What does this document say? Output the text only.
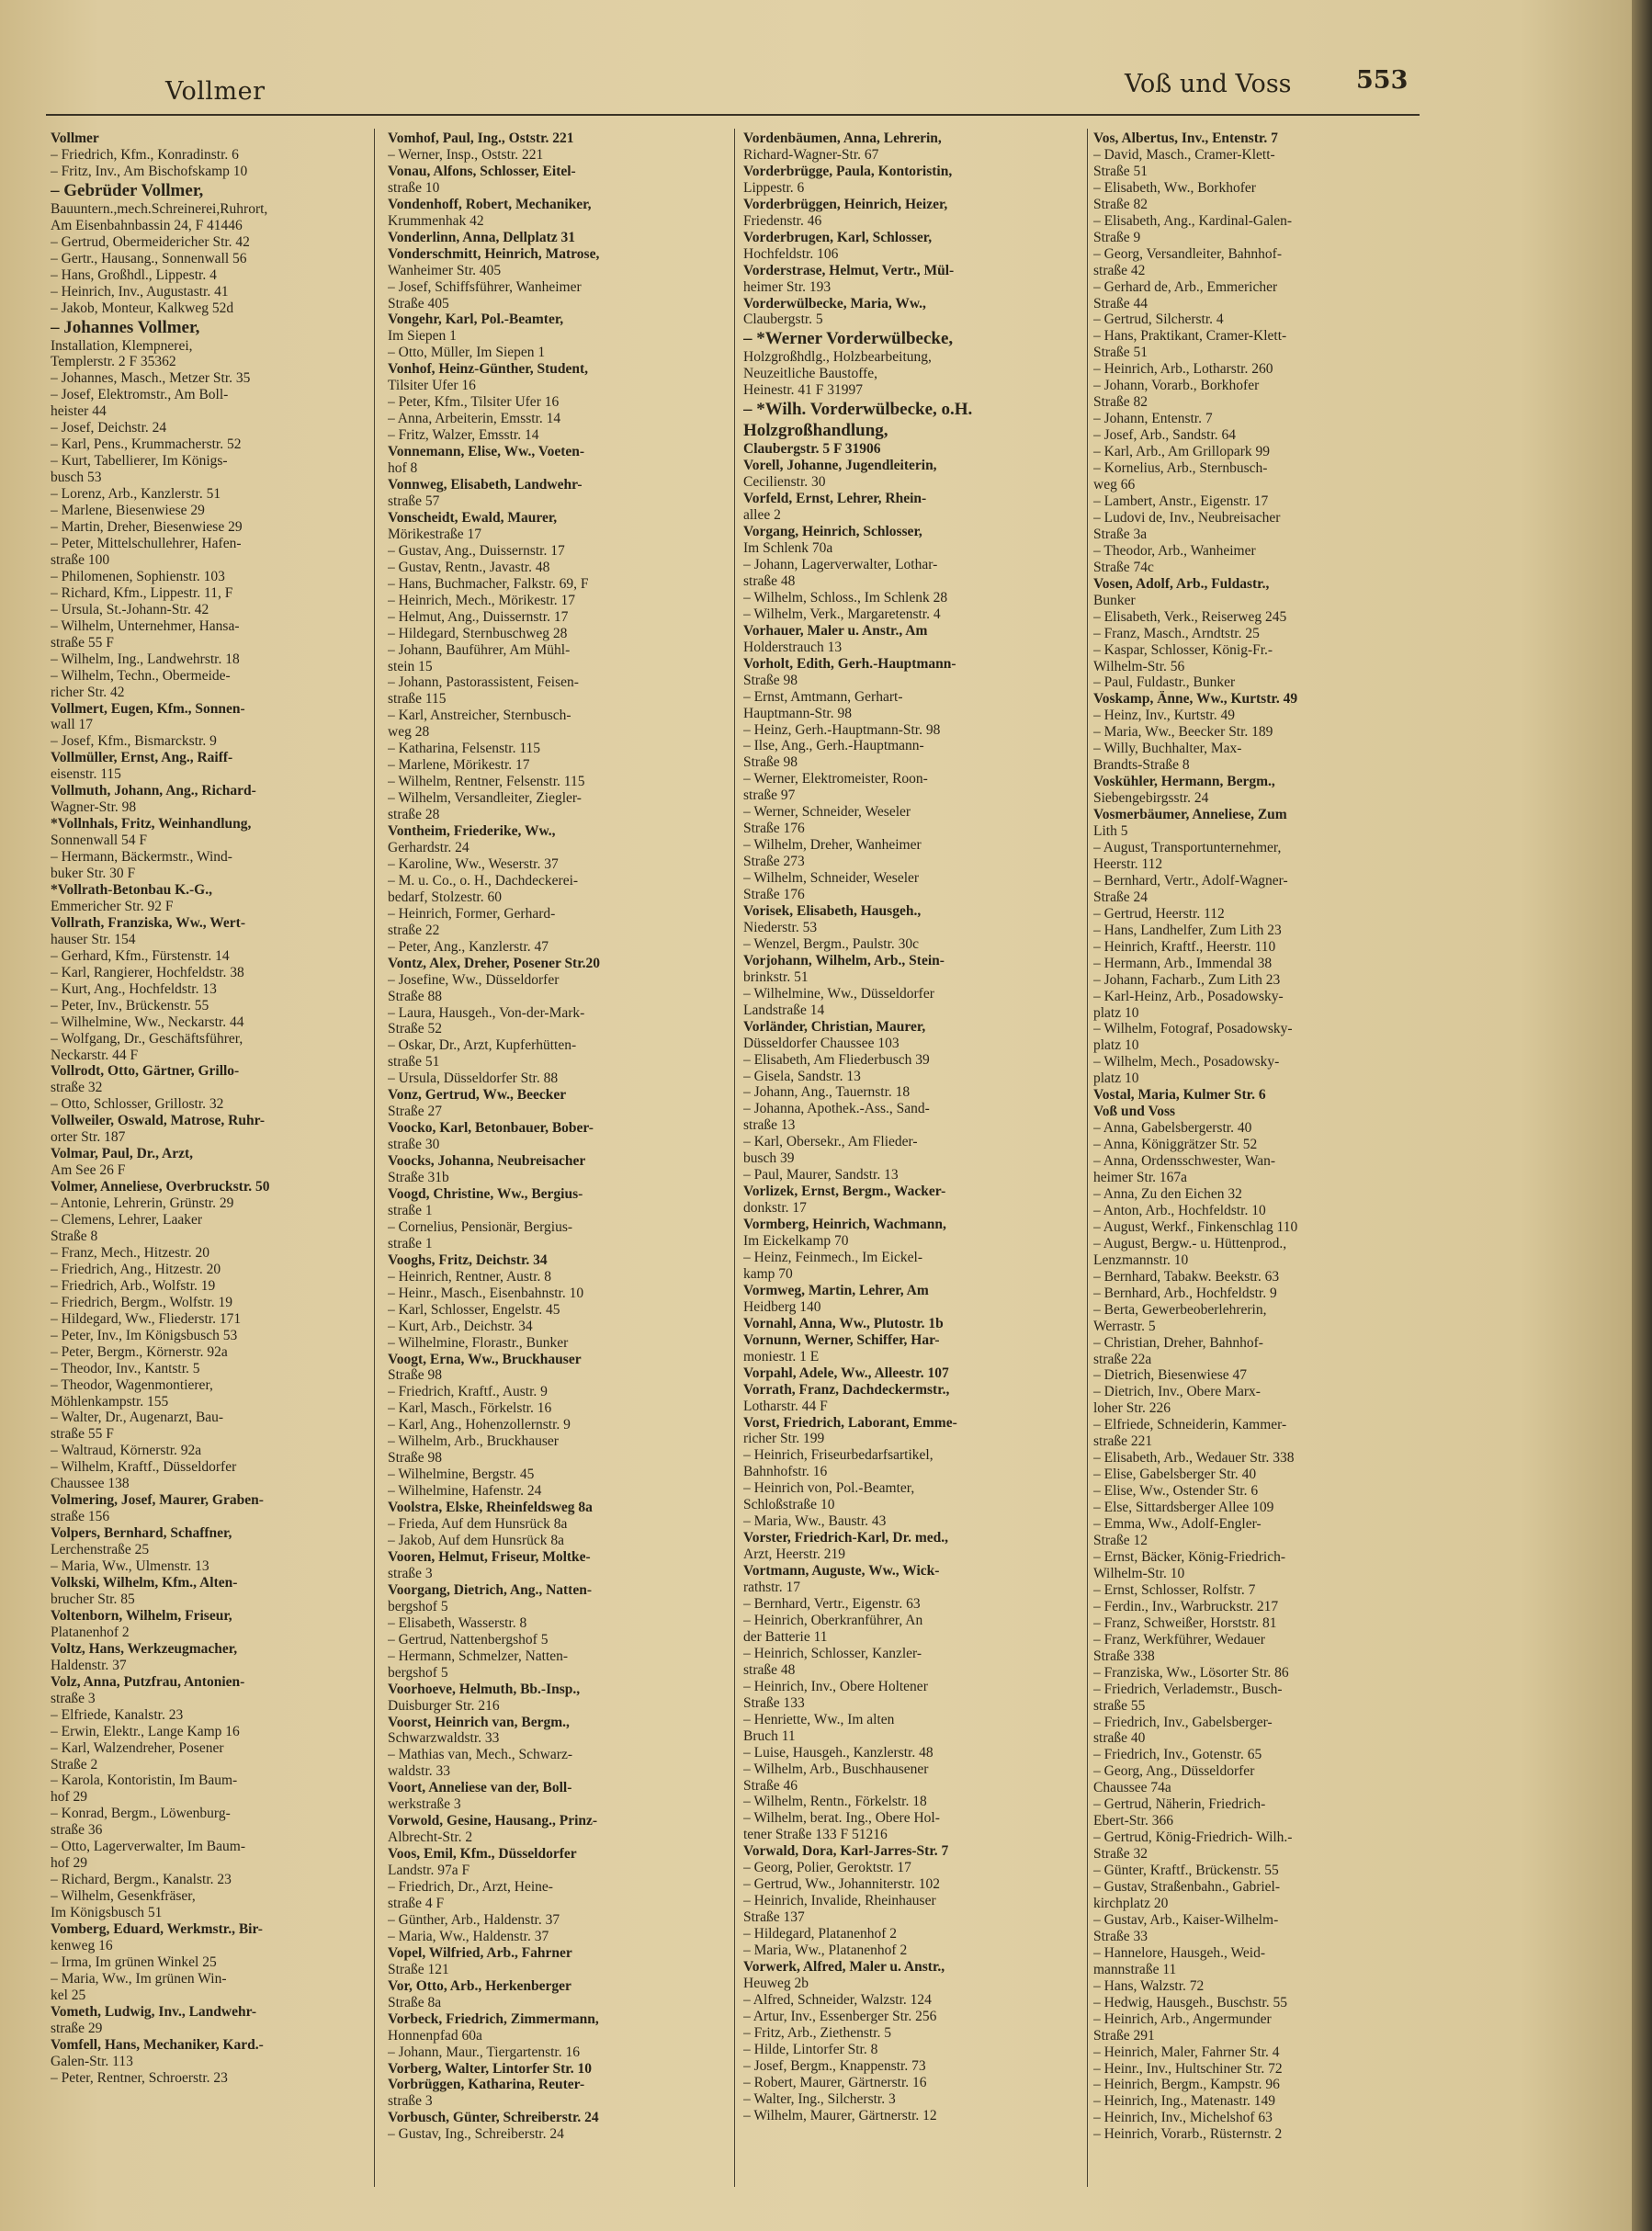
Vollmer	Voß und Voss	553
Vollmer
– Friedrich, Kfm., Konradinstr. 6
– Fritz, Inv., Am Bischofskamp 10
– Gebrüder Vollmer,
Bauuntern.,mech.Schreinerei,Ruhrort,
Am Eisenbahnbassin 24, F 41446
– Gertrud, Obermeidericher Str. 42
– Gertr., Hausang., Sonnenwall 56
– Hans, Großhdl., Lippestr. 4
– Heinrich, Inv., Augustastr. 41
– Jakob, Monteur, Kalkweg 52d
– Johannes Vollmer,
Installation, Klempnerei,
Templerstr. 2 F 35362
– Johannes, Masch., Metzer Str. 35
– Josef, Elektromstr., Am Boll-
heister 44
– Josef, Deichstr. 24
– Karl, Pens., Krummacherstr. 52
– Kurt, Tabellierer, Im Königs-
busch 53
– Lorenz, Arb., Kanzlerstr. 51
– Marlene, Biesenwiese 29
– Martin, Dreher, Biesenwiese 29
– Peter, Mittelschullehrer, Hafen-
straße 100
– Philomenen, Sophienstr. 103
– Richard, Kfm., Lippestr. 11, F
– Ursula, St.-Johann-Str. 42
– Wilhelm, Unternehmer, Hansa-
straße 55 F
– Wilhelm, Ing., Landwehrstr. 18
– Wilhelm, Techn., Obermeide-
richer Str. 42
Vollmert, Eugen, Kfm., Sonnen-
wall 17
– Josef, Kfm., Bismarckstr. 9
Vollmüller, Ernst, Ang., Raiff-
eisenstr. 115
Vollmuth, Johann, Ang., Richard-
Wagner-Str. 98
*Vollnhals, Fritz, Weinhandlung,
Sonnenwall 54 F
– Hermann, Bäckermstr., Wind-
buker Str. 30 F
*Vollrath-Betonbau K.-G.,
Emmericher Str. 92 F
Vollrath, Franziska, Ww., Wert-
hauser Str. 154
– Gerhard, Kfm., Fürstenstr. 14
– Karl, Rangierer, Hochfeldstr. 38
– Kurt, Ang., Hochfeldstr. 13
– Peter, Inv., Brückenstr. 55
– Wilhelmine, Ww., Neckarstr. 44
– Wolfgang, Dr., Geschäftsführer,
Neckarstr. 44 F
Vollrodt, Otto, Gärtner, Grillo-
straße 32
– Otto, Schlosser, Grillostr. 32
Vollweiler, Oswald, Matrose, Ruhr-
orter Str. 187
Volmar, Paul, Dr., Arzt,
Am See 26 F
Volmer, Anneliese, Overbruckstr. 50
– Antonie, Lehrerin, Grünstr. 29
– Clemens, Lehrer, Laaker
Straße 8
– Franz, Mech., Hitzestr. 20
– Friedrich, Ang., Hitzestr. 20
– Friedrich, Arb., Wolfstr. 19
– Friedrich, Bergm., Wolfstr. 19
– Hildegard, Ww., Fliederstr. 171
– Peter, Inv., Im Königsbusch 53
– Peter, Bergm., Körnerstr. 92a
– Theodor, Inv., Kantstr. 5
– Theodor, Wagenmontierer,
Möhlenkampstr. 155
– Walter, Dr., Augenarzt, Bau-
straße 55 F
– Waltraud, Körnerstr. 92a
– Wilhelm, Kraftf., Düsseldorfer
Chaussee 138
Volmering, Josef, Maurer, Graben-
straße 156
Volpers, Bernhard, Schaffner,
Lerchenstraße 25
– Maria, Ww., Ulmenstr. 13
Volkski, Wilhelm, Kfm., Alten-
brucher Str. 85
Voltenborn, Wilhelm, Friseur,
Platanenhof 2
Voltz, Hans, Werkzeugmacher,
Haldenstr. 37
Volz, Anna, Putzfrau, Antonien-
straße 3
– Elfriede, Kanalstr. 23
– Erwin, Elektr., Lange Kamp 16
– Karl, Walzendreher, Posener
Straße 2
– Karola, Kontoristin, Im Baum-
hof 29
– Konrad, Bergm., Löwenburg-
straße 36
– Otto, Lagerverwalter, Im Baum-
hof 29
– Richard, Bergm., Kanalstr. 23
– Wilhelm, Gesenkfräser,
Im Königsbusch 51
Vomberg, Eduard, Werkmstr., Bir-
kenweg 16
– Irma, Im grünen Winkel 25
– Maria, Ww., Im grünen Win-
kel 25
Vometh, Ludwig, Inv., Landwehr-
straße 29
Vomfell, Hans, Mechaniker, Kard.-
Galen-Str. 113
– Peter, Rentner, Schroerstr. 23
Vomhof, Paul, Ing., Oststr. 221
– Werner, Insp., Oststr. 221
Vonau, Alfons, Schlosser, Eitel-
straße 10
Vondenhoff, Robert, Mechaniker,
Krummenhak 42
Vonderlinn, Anna, Dellplatz 31
Vonderschmitt, Heinrich, Matrose,
Wanheimer Str. 405
– Josef, Schiffsführer, Wanheimer
Straße 405
Vongehr, Karl, Pol.-Beamter,
Im Siepen 1
– Otto, Müller, Im Siepen 1
Vonhof, Heinz-Günther, Student,
Tilsiter Ufer 16
– Peter, Kfm., Tilsiter Ufer 16
– Anna, Arbeiterin, Emsstr. 14
– Fritz, Walzer, Emsstr. 14
Vonnemann, Elise, Ww., Voeten-
hof 8
Vonnweg, Elisabeth, Landwehr-
straße 57
Vonscheidt, Ewald, Maurer,
Mörikestraße 17
– Gustav, Ang., Duissernstr. 17
– Gustav, Rentn., Javastr. 48
– Hans, Buchmacher, Falkstr. 69, F
– Heinrich, Mech., Mörikestr. 17
– Helmut, Ang., Duissernstr. 17
– Hildegard, Sternbuschweg 28
– Johann, Bauführer, Am Mühl-
stein 15
– Johann, Pastorassistent, Feisen-
straße 115
– Karl, Anstreicher, Sternbusch-
weg 28
– Katharina, Felsenstr. 115
– Marlene, Mörikestr. 17
– Wilhelm, Rentner, Felsenstr. 115
– Wilhelm, Versandleiter, Ziegler-
straße 28
Vontheim, Friederike, Ww.,
Gerhardstr. 24
– Karoline, Ww., Weserstr. 37
– M. u. Co., o. H., Dachdeckerei-
bedarf, Stolzestr. 60
– Heinrich, Former, Gerhard-
straße 22
– Peter, Ang., Kanzlerstr. 47
Vontz, Alex, Dreher, Posener Str.20
– Josefine, Ww., Düsseldorfer
Straße 88
– Laura, Hausgeh., Von-der-Mark-
Straße 52
– Oskar, Dr., Arzt, Kupferhütten-
straße 51
– Ursula, Düsseldorfer Str. 88
Vonz, Gertrud, Ww., Beecker
Straße 27
Voocko, Karl, Betonbauer, Bober-
straße 30
Voocks, Johanna, Neubreisacher
Straße 31b
Voogd, Christine, Ww., Bergius-
straße 1
– Cornelius, Pensionär, Bergius-
straße 1
Vooghs, Fritz, Deichstr. 34
– Heinrich, Rentner, Austr. 8
– Heinr., Masch., Eisenbahnstr. 10
– Karl, Schlosser, Engelstr. 45
– Kurt, Arb., Deichstr. 34
– Wilhelmine, Florastr., Bunker
Voogt, Erna, Ww., Bruckhauser
Straße 98
– Friedrich, Kraftf., Austr. 9
– Karl, Masch., Förkelstr. 16
– Karl, Ang., Hohenzollernstr. 9
– Wilhelm, Arb., Bruckhauser
Straße 98
– Wilhelmine, Bergstr. 45
– Wilhelmine, Hafenstr. 24
Voolstra, Elske, Rheinfeldsweg 8a
– Frieda, Auf dem Hunsrück 8a
– Jakob, Auf dem Hunsrück 8a
Vooren, Helmut, Friseur, Moltke-
straße 3
Voorgang, Dietrich, Ang., Natten-
bergshof 5
– Elisabeth, Wasserstr. 8
– Gertrud, Nattenbergshof 5
– Hermann, Schmelzer, Natten-
bergshof 5
Voorhoeve, Helmuth, Bb.-Insp.,
Duisburger Str. 216
Voorst, Heinrich van, Bergm.,
Schwarzwaldstr. 33
– Mathias van, Mech., Schwarz-
waldstr. 33
Voort, Anneliese van der, Boll-
werkstraße 3
Vorwold, Gesine, Hausang., Prinz-
Albrecht-Str. 2
Voos, Emil, Kfm., Düsseldorfer
Landstr. 97a F
– Friedrich, Dr., Arzt, Heine-
straße 4 F
– Günther, Arb., Haldenstr. 37
– Maria, Ww., Haldenstr. 37
Vopel, Wilfried, Arb., Fahrner
Straße 121
Vor, Otto, Arb., Herkenberger
Straße 8a
Vorbeck, Friedrich, Zimmermann,
Honnenpfad 60a
– Johann, Maur., Tiergartenstr. 16
Vorberg, Walter, Lintorfer Str. 10
Vorbrüggen, Katharina, Reuter-
straße 3
Vorbusch, Günter, Schreiberstr. 24
– Gustav, Ing., Schreiberstr. 24
Vordenbäumen, Anna, Lehrerin,
Richard-Wagner-Str. 67
Vorderbrügge, Paula, Kontoristin,
Lippestr. 6
Vorderbrüggen, Heinrich, Heizer,
Friedenstr. 46
Vorderbrugen, Karl, Schlosser,
Hochfeldstr. 106
Vorderstrase, Helmut, Vertr., Mül-
heimer Str. 193
Vorderwülbecke, Maria, Ww.,
Claubergstr. 5
– *Werner Vorderwülbecke,
Holzgroßhdlg., Holzbearbeitung,
Neuzeitliche Baustoffe,
Heinestr. 41 F 31997
– *Wilh. Vorderwülbecke, o.H.
Holzgroßhandlung,
Claubergstr. 5 F 31906
Vorell, Johanne, Jugendleiterin,
Cecilienstr. 30
Vorfeld, Ernst, Lehrer, Rhein-
allee 2
Vorgang, Heinrich, Schlosser,
Im Schlenk 70a
– Johann, Lagerverwalter, Lothar-
straße 48
– Wilhelm, Schloss., Im Schlenk 28
– Wilhelm, Verk., Margaretenstr. 4
Vorhauer, Maler u. Anstr., Am
Holderstrauch 13
Vorholt, Edith, Gerh.-Hauptmann-
Straße 98
– Ernst, Amtmann, Gerhart-
Hauptmann-Str. 98
– Heinz, Gerh.-Hauptmann-Str. 98
– Ilse, Ang., Gerh.-Hauptmann-
Straße 98
– Werner, Elektromeister, Roon-
straße 97
– Werner, Schneider, Weseler
Straße 176
– Wilhelm, Dreher, Wanheimer
Straße 273
– Wilhelm, Schneider, Weseler
Straße 176
Vorisek, Elisabeth, Hausgeh.,
Niederstr. 53
– Wenzel, Bergm., Paulstr. 30c
Vorjohann, Wilhelm, Arb., Stein-
brinkstr. 51
– Wilhelmine, Ww., Düsseldorfer
Landstraße 14
Vorländer, Christian, Maurer,
Düsseldorfer Chaussee 103
– Elisabeth, Am Fliederbusch 39
– Gisela, Sandstr. 13
– Johann, Ang., Tauernstr. 18
– Johanna, Apothek.-Ass., Sand-
straße 13
– Karl, Obersekr., Am Flieder-
busch 39
– Paul, Maurer, Sandstr. 13
Vorlizek, Ernst, Bergm., Wacker-
donkstr. 17
Vormberg, Heinrich, Wachmann,
Im Eickelkamp 70
– Heinz, Feinmech., Im Eickel-
kamp 70
Vormweg, Martin, Lehrer, Am
Heidberg 140
Vornahl, Anna, Ww., Plutostr. 1b
Vornunn, Werner, Schiffer, Har-
moniestr. 1 E
Vorpahl, Adele, Ww., Alleestr. 107
Vorrath, Franz, Dachdeckermstr.,
Lotharstr. 44 F
Vorst, Friedrich, Laborant, Emme-
richer Str. 199
– Heinrich, Friseurbedarfsartikel,
Bahnhofstr. 16
– Heinrich von, Pol.-Beamter,
Schloßstraße 10
– Maria, Ww., Baustr. 43
Vorster, Friedrich-Karl, Dr. med.,
Arzt, Heerstr. 219
Vortmann, Auguste, Ww., Wick-
rathstr. 17
– Bernhard, Vertr., Eigenstr. 63
– Heinrich, Oberkranführer, An
der Batterie 11
– Heinrich, Schlosser, Kanzler-
straße 48
– Heinrich, Inv., Obere Holtener
Straße 133
– Henriette, Ww., Im alten
Bruch 11
– Luise, Hausgeh., Kanzlerstr. 48
– Wilhelm, Arb., Buschhausener
Straße 46
– Wilhelm, Rentn., Förkelstr. 18
– Wilhelm, berat. Ing., Obere Hol-
tener Straße 133 F 51216
Vorwald, Dora, Karl-Jarres-Str. 7
– Georg, Polier, Geroktstr. 17
– Gertrud, Ww., Johanniterstr. 102
– Heinrich, Invalide, Rheinhauser
Straße 137
– Hildegard, Platanenhof 2
– Maria, Ww., Platanenhof 2
Vorwerk, Alfred, Maler u. Anstr.,
Heuweg 2b
– Alfred, Schneider, Walzstr. 124
– Artur, Inv., Essenberger Str. 256
– Fritz, Arb., Ziethenstr. 5
– Hilde, Lintorfer Str. 8
– Josef, Bergm., Knappenstr. 73
– Robert, Maurer, Gärtnerstr. 16
– Walter, Ing., Silcherstr. 3
– Wilhelm, Maurer, Gärtnerstr. 12
Vos, Albertus, Inv., Entenstr. 7
– David, Masch., Cramer-Klett-
Straße 51
– Elisabeth, Ww., Borkhofer
Straße 82
– Elisabeth, Ang., Kardinal-Galen-
Straße 9
– Georg, Versandleiter, Bahnhof-
straße 42
– Gerhard de, Arb., Emmericher
Straße 44
– Gertrud, Silcherstr. 4
– Hans, Praktikant, Cramer-Klett-
Straße 51
– Heinrich, Arb., Lotharstr. 260
– Johann, Vorarb., Borkhofer
Straße 82
– Johann, Entenstr. 7
– Josef, Arb., Sandstr. 64
– Karl, Arb., Am Grillopark 99
– Kornelius, Arb., Sternbusch-
weg 66
– Lambert, Anstr., Eigenstr. 17
– Ludovi de, Inv., Neubreisacher
Straße 3a
– Theodor, Arb., Wanheimer
Straße 74c
Vosen, Adolf, Arb., Fuldastr.,
Bunker
– Elisabeth, Verk., Reiserweg 245
– Franz, Masch., Arndtstr. 25
– Kaspar, Schlosser, König-Fr.-
Wilhelm-Str. 56
– Paul, Fuldastr., Bunker
Voskamp, Änne, Ww., Kurtstr. 49
– Heinz, Inv., Kurtstr. 49
– Maria, Ww., Beecker Str. 189
– Willy, Buchhalter, Max-
Brandts-Straße 8
Voskühler, Hermann, Bergm.,
Siebengebirgsstr. 24
Vosmerbäumer, Anneliese, Zum
Lith 5
– August, Transportunternehmer,
Heerstr. 112
– Bernhard, Vertr., Adolf-Wagner-
Straße 24
– Gertrud, Heerstr. 112
– Hans, Landhelfer, Zum Lith 23
– Heinrich, Kraftf., Heerstr. 110
– Hermann, Arb., Immendal 38
– Johann, Facharb., Zum Lith 23
– Karl-Heinz, Arb., Posadowsky-
platz 10
– Wilhelm, Fotograf, Posadowsky-
platz 10
– Wilhelm, Mech., Posadowsky-
platz 10
Vostal, Maria, Kulmer Str. 6
Voß und Voss
– Anna, Gabelsbergerstr. 40
– Anna, Königgrätzer Str. 52
– Anna, Ordensschwester, Wan-
heimer Str. 167a
– Anna, Zu den Eichen 32
– Anton, Arb., Hochfeldstr. 10
– August, Werkf., Finkenschlag 110
– August, Bergw.- u. Hüttenprod.,
Lenzmannstr. 10
– Bernhard, Tabakw. Beekstr. 63
– Bernhard, Arb., Hochfeldstr. 9
– Berta, Gewerbeoberlehrerin,
Werrastr. 5
– Christian, Dreher, Bahnhof-
straße 22a
– Dietrich, Biesenwiese 47
– Dietrich, Inv., Obere Marx-
loher Str. 226
– Elfriede, Schneiderin, Kammer-
straße 221
– Elisabeth, Arb., Wedauer Str. 338
– Elise, Gabelsberger Str. 40
– Elise, Ww., Ostender Str. 6
– Else, Sittardsberger Allee 109
– Emma, Ww., Adolf-Engler-
Straße 12
– Ernst, Bäcker, König-Friedrich-
Wilhelm-Str. 10
– Ernst, Schlosser, Rolfstr. 7
– Ferdin., Inv., Warbruckstr. 217
– Franz, Schweißer, Horststr. 81
– Franz, Werkführer, Wedauer
Straße 338
– Franziska, Ww., Lösorter Str. 86
– Friedrich, Verlademstr., Busch-
straße 55
– Friedrich, Inv., Gabelsberger-
straße 40
– Friedrich, Inv., Gotenstr. 65
– Georg, Ang., Düsseldorfer
Chaussee 74a
– Gertrud, Näherin, Friedrich-
Ebert-Str. 366
– Gertrud, König-Friedrich- Wilh.-
Straße 32
– Günter, Kraftf., Brückenstr. 55
– Gustav, Straßenbahn., Gabriel-
kirchplatz 20
– Gustav, Arb., Kaiser-Wilhelm-
Straße 33
– Hannelore, Hausgeh., Weid-
mannstraße 11
– Hans, Walzstr. 72
– Hedwig, Hausgeh., Buschstr. 55
– Heinrich, Arb., Angermunder
Straße 291
– Heinrich, Maler, Fahrner Str. 4
– Heinr., Inv., Hultschiner Str. 72
– Heinrich, Bergm., Kampstr. 96
– Heinrich, Ing., Matenastr. 149
– Heinrich, Inv., Michelshof 63
– Heinrich, Vorarb., Rüsternstr. 2
